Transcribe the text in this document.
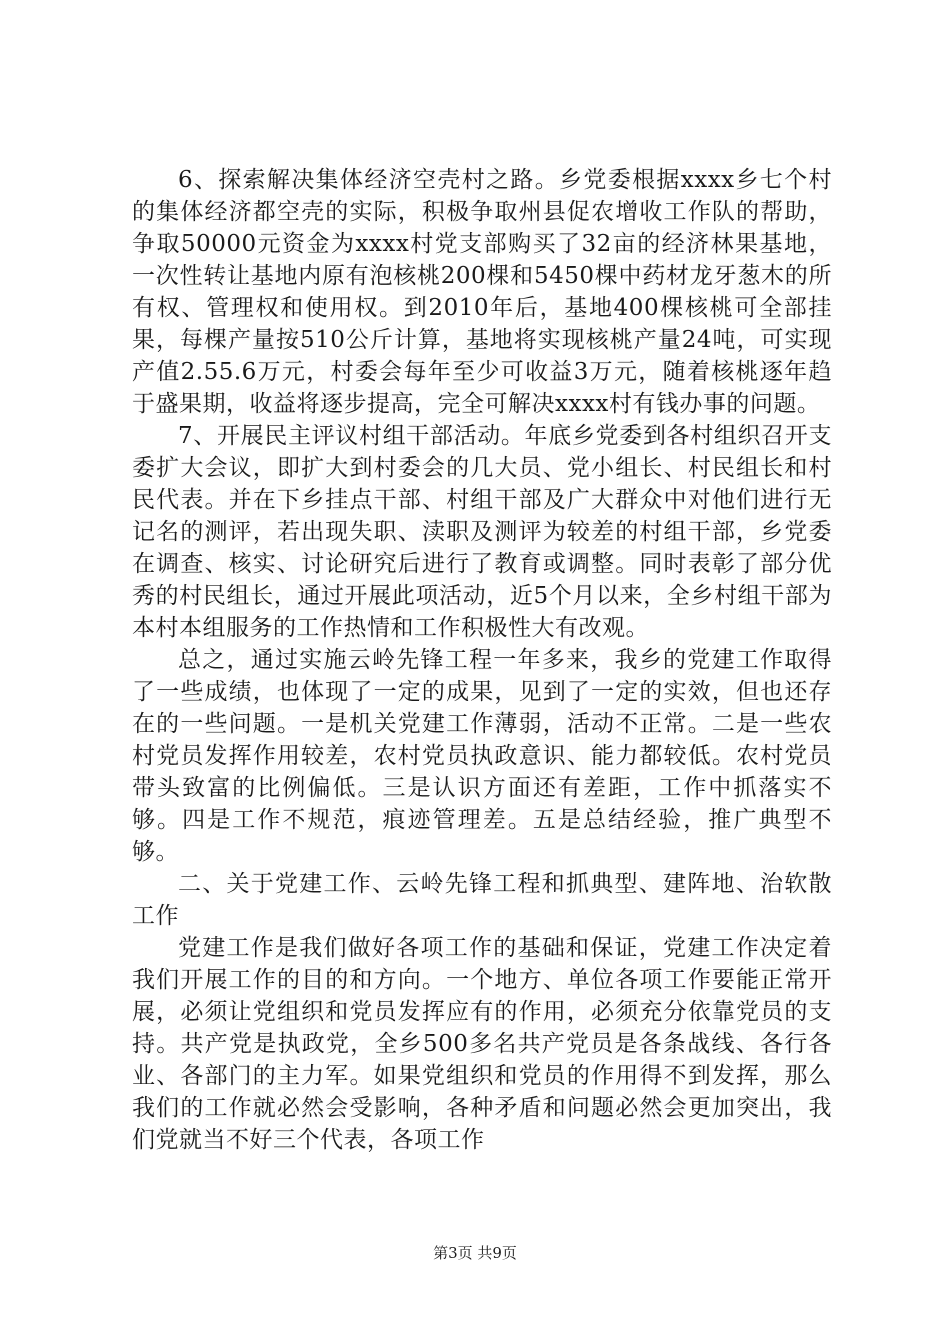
6、探索解决集体经济空壳村之路。乡党委根据xxxx乡七个村的集体经济都空壳的实际，积极争取州县促农增收工作队的帮助，争取50000元资金为xxxx村党支部购买了32亩的经济林果基地，一次性转让基地内原有泡核桃200棵和5450棵中药材龙牙葱木的所有权、管理权和使用权。到2010年后，基地400棵核桃可全部挂果，每棵产量按510公斤计算，基地将实现核桃产量24吨，可实现产值2.55.6万元，村委会每年至少可收益3万元，随着核桃逐年趋于盛果期，收益将逐步提高，完全可解决xxxx村有钱办事的问题。

7、开展民主评议村组干部活动。年底乡党委到各村组织召开支委扩大会议，即扩大到村委会的几大员、党小组长、村民组长和村民代表。并在下乡挂点干部、村组干部及广大群众中对他们进行无记名的测评，若出现失职、渎职及测评为较差的村组干部，乡党委在调查、核实、讨论研究后进行了教育或调整。同时表彰了部分优秀的村民组长，通过开展此项活动，近5个月以来，全乡村组干部为本村本组服务的工作热情和工作积极性大有改观。

总之，通过实施云岭先锋工程一年多来，我乡的党建工作取得了一些成绩，也体现了一定的成果，见到了一定的实效，但也还存在的一些问题。一是机关党建工作薄弱，活动不正常。二是一些农村党员发挥作用较差，农村党员执政意识、能力都较低。农村党员带头致富的比例偏低。三是认识方面还有差距，工作中抓落实不够。四是工作不规范，痕迹管理差。五是总结经验，推广典型不够。

二、关于党建工作、云岭先锋工程和抓典型、建阵地、治软散工作

党建工作是我们做好各项工作的基础和保证，党建工作决定着我们开展工作的目的和方向。一个地方、单位各项工作要能正常开展，必须让党组织和党员发挥应有的作用，必须充分依靠党员的支持。共产党是执政党，全乡500多名共产党员是各条战线、各行各业、各部门的主力军。如果党组织和党员的作用得不到发挥，那么我们的工作就必然会受影响，各种矛盾和问题必然会更加突出，我们党就当不好三个代表，各项工作

第3页 共9页
